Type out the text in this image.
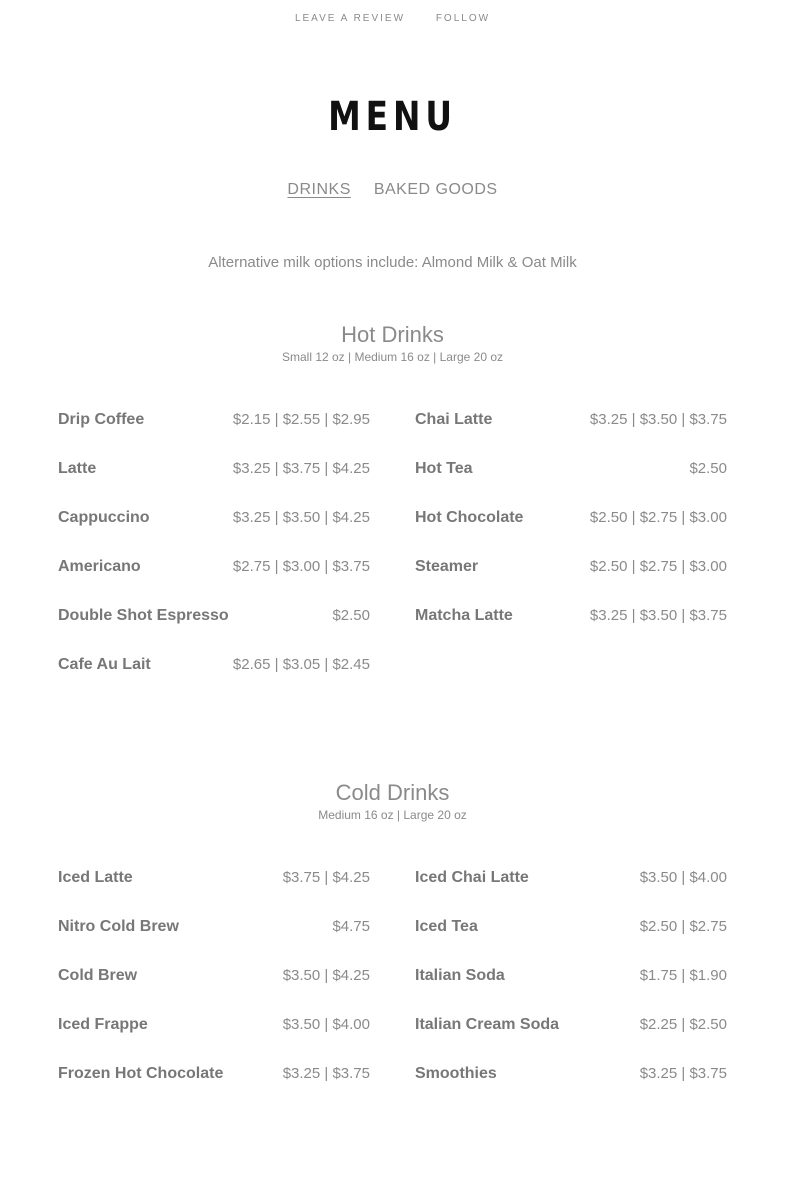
LEAVE A REVIEW	FOLLOW
MENU
DRINKS BAKED GOODS
Alternative milk options include: Almond Milk & Oat Milk
Hot Drinks
Small 12 oz | Medium 16 oz | Large 20 oz
Drip Coffee	$2.15 | $2.55 | $2.95
Latte	$3.25 | $3.75 | $4.25
Cappuccino	$3.25 | $3.50 | $4.25
Americano	$2.75 | $3.00 | $3.75
Double Shot Espresso	$2.50
Cafe Au Lait	$2.65 | $3.05 | $2.45
Chai Latte	$3.25 | $3.50 | $3.75
Hot Tea	$2.50
Hot Chocolate	$2.50 | $2.75 | $3.00
Steamer	$2.50 | $2.75 | $3.00
Matcha Latte	$3.25 | $3.50 | $3.75
Cold Drinks
Medium 16 oz | Large 20 oz
Iced Latte	$3.75 | $4.25
Nitro Cold Brew	$4.75
Cold Brew	$3.50 | $4.25
Iced Frappe	$3.50 | $4.00
Frozen Hot Chocolate	$3.25 | $3.75
Iced Chai Latte	$3.50 | $4.00
Iced Tea	$2.50 | $2.75
Italian Soda	$1.75 | $1.90
Italian Cream Soda	$2.25 | $2.50
Smoothies	$3.25 | $3.75
